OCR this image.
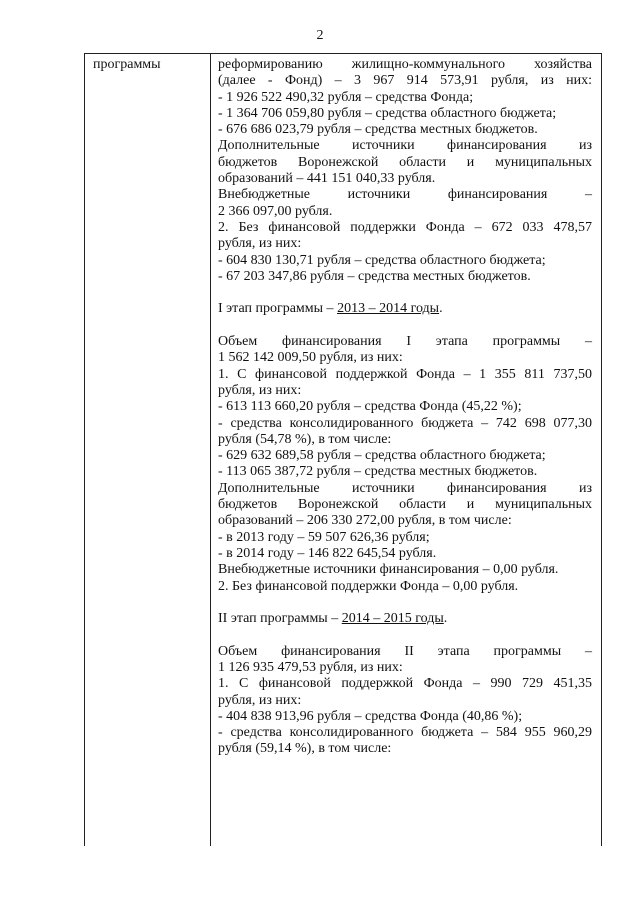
2
программы	реформированию жилищно-коммунального хозяйства
(далее - Фонд) – 3 967 914 573,91 рубля, из них:
- 1 926 522 490,32 рубля – средства Фонда;
- 1 364 706 059,80 рубля – средства областного бюджета;
- 676 686 023,79 рубля – средства местных бюджетов.
Дополнительные источники финансирования из
бюджетов Воронежской области и муниципальных
образований – 441 151 040,33 рубля.
Внебюджетные источники финансирования –
2 366 097,00 рубля.
2. Без финансовой поддержки Фонда – 672 033 478,57
рубля, из них:
- 604 830 130,71 рубля – средства областного бюджета;
- 67 203 347,86 рубля – средства местных бюджетов.
I этап программы – 2013 – 2014 годы.
Объем финансирования I этапа программы –
1 562 142 009,50 рубля, из них:
1. С финансовой поддержкой Фонда – 1 355 811 737,50
рубля, из них:
- 613 113 660,20 рубля – средства Фонда (45,22 %);
- средства консолидированного бюджета – 742 698 077,30
рубля (54,78 %), в том числе:
- 629 632 689,58 рубля – средства областного бюджета;
- 113 065 387,72 рубля – средства местных бюджетов.
Дополнительные источники финансирования из
бюджетов Воронежской области и муниципальных
образований – 206 330 272,00 рубля, в том числе:
- в 2013 году – 59 507 626,36 рубля;
- в 2014 году – 146 822 645,54 рубля.
Внебюджетные источники финансирования – 0,00 рубля.
2. Без финансовой поддержки Фонда – 0,00 рубля.
II этап программы – 2014 – 2015 годы.
Объем финансирования II этапа программы –
1 126 935 479,53 рубля, из них:
1. С финансовой поддержкой Фонда – 990 729 451,35
рубля, из них:
- 404 838 913,96 рубля – средства Фонда (40,86 %);
- средства консолидированного бюджета – 584 955 960,29
рубля (59,14 %), в том числе:
